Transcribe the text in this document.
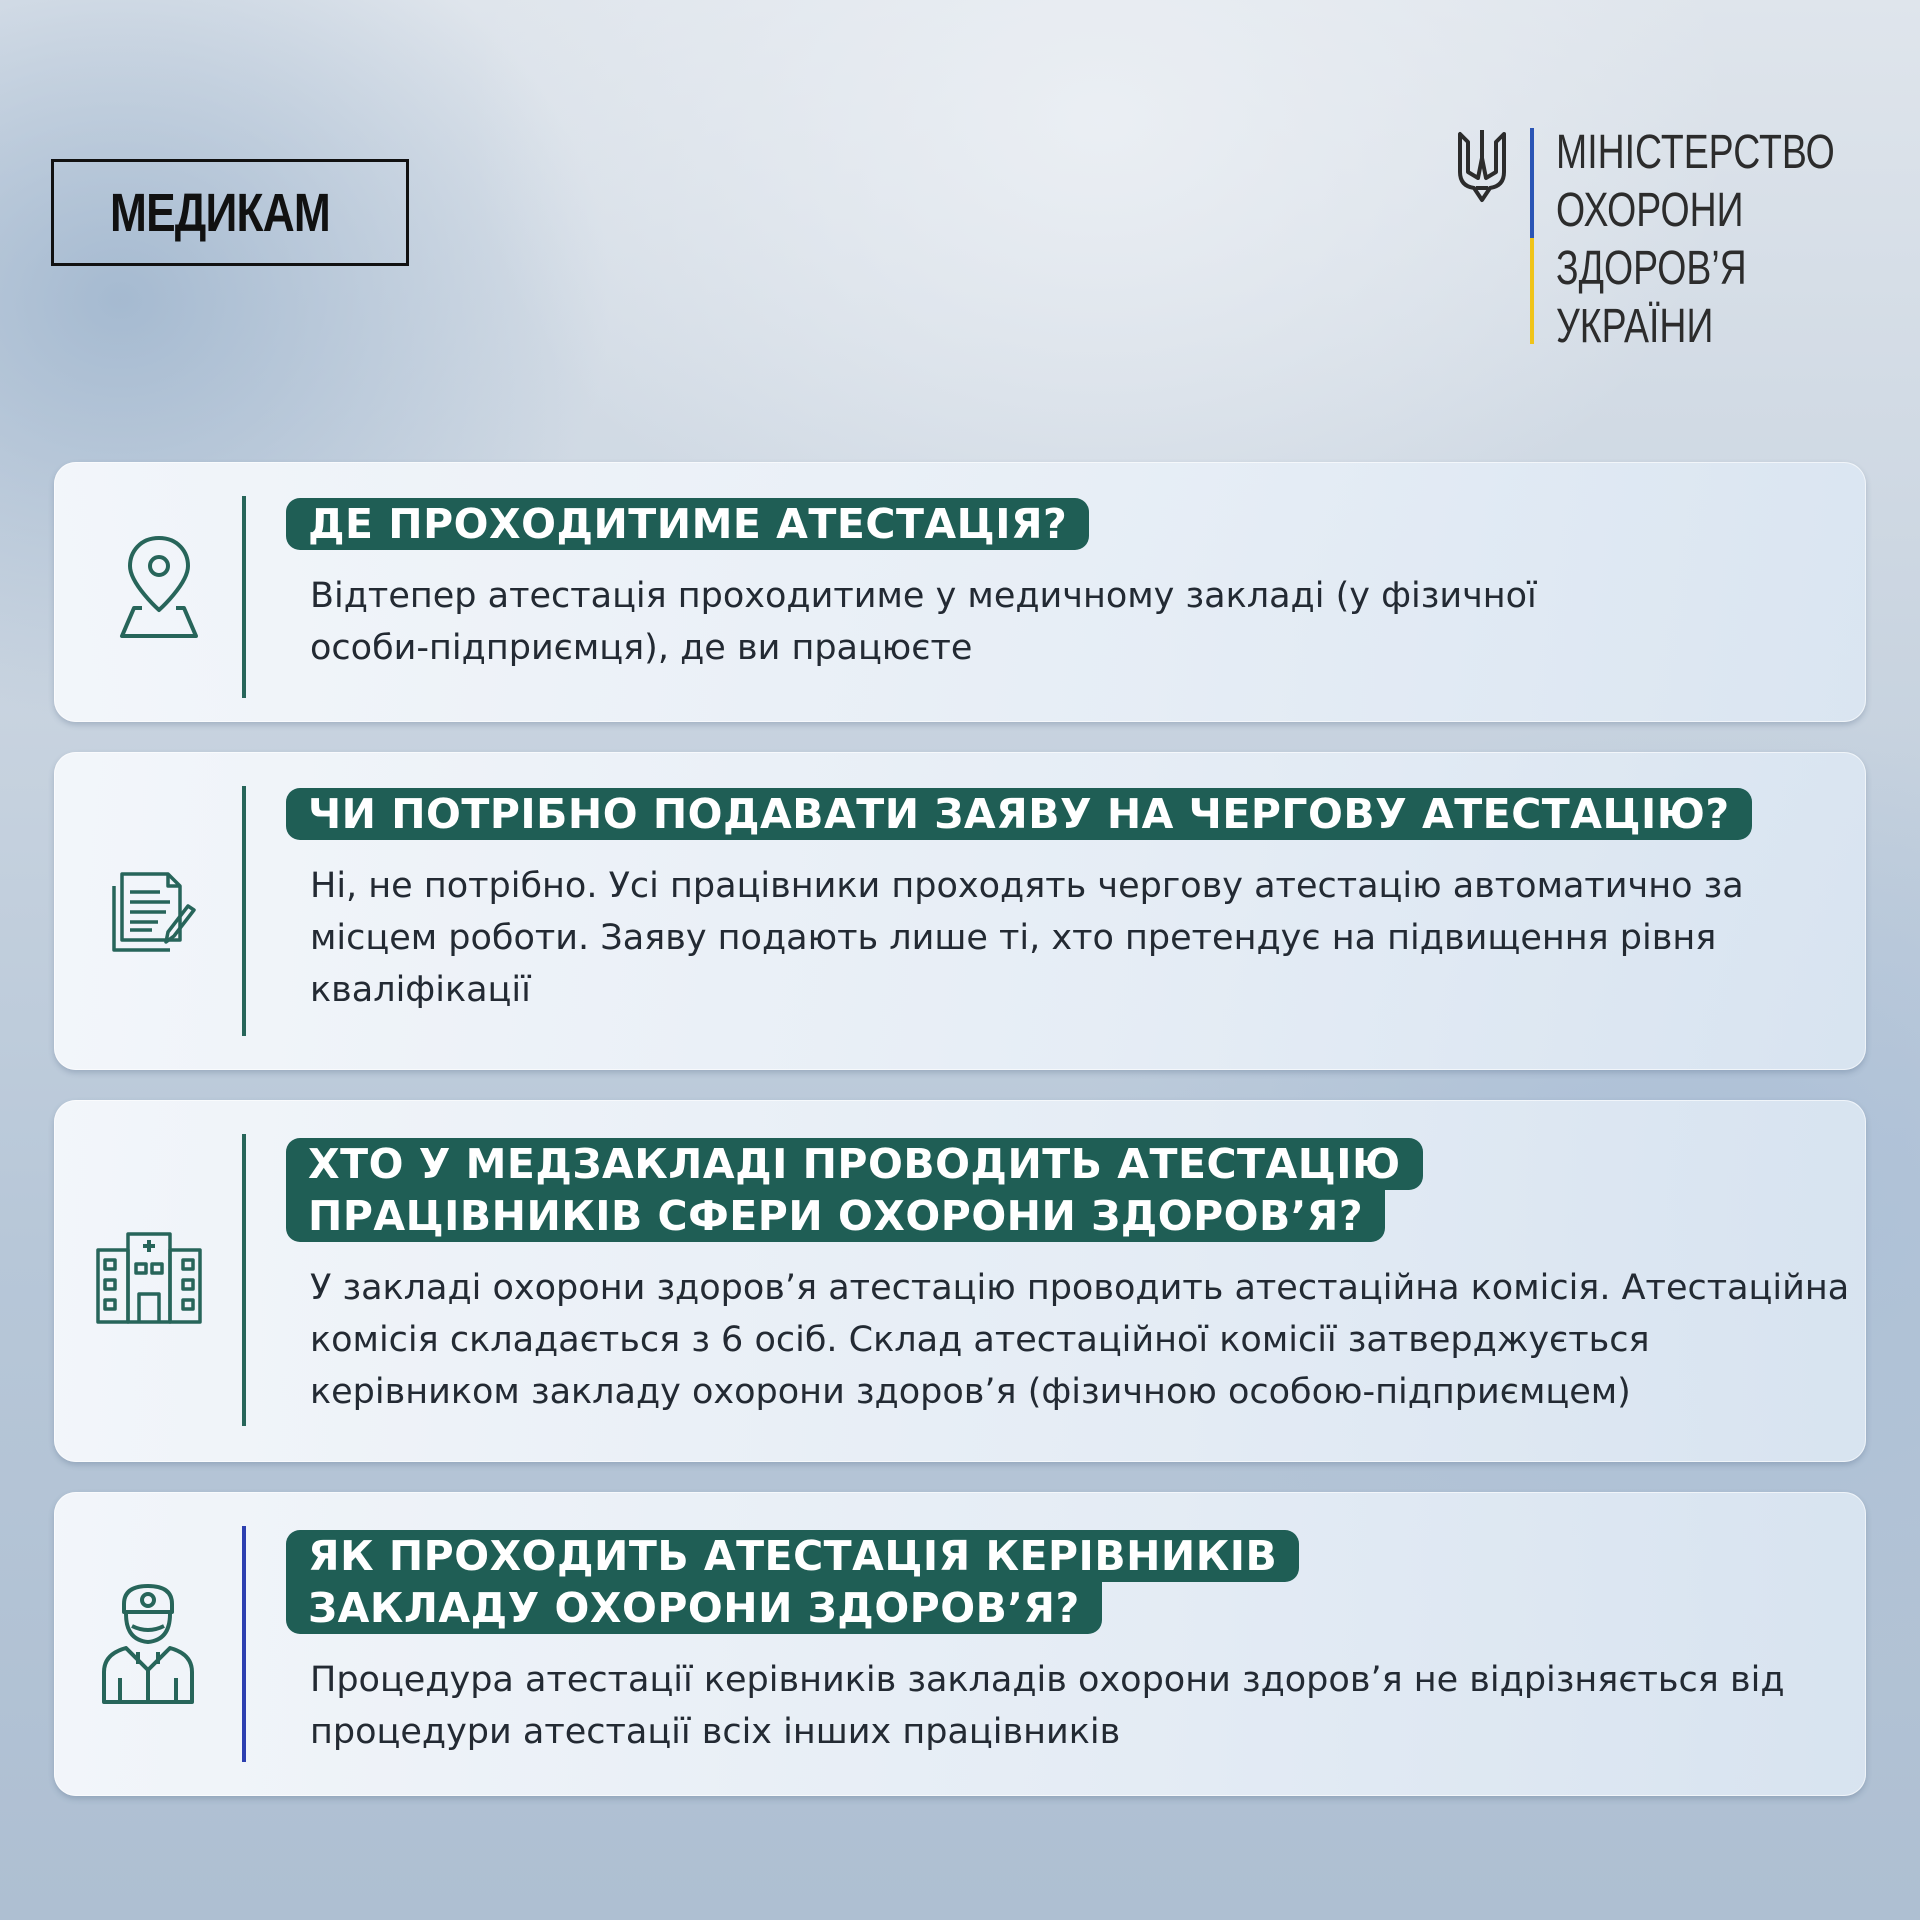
МЕДИКАМ
МІНІСТЕРСТВО
ОХОРОНИ
ЗДОРОВ’Я
УКРАЇНИ
ДЕ ПРОХОДИТИМЕ АТЕСТАЦІЯ?
Відтепер атестація проходитиме у медичному закладі (у фізичної особи-підприємця), де ви працюєте
ЧИ ПОТРІБНО ПОДАВАТИ ЗАЯВУ НА ЧЕРГОВУ АТЕСТАЦІЮ?
Ні, не потрібно. Усі працівники проходять чергову атестацію автоматично за місцем роботи. Заяву подають лише ті, хто претендує на підвищення рівня кваліфікації
ХТО У МЕДЗАКЛАДІ ПРОВОДИТЬ АТЕСТАЦІЮ
ПРАЦІВНИКІВ СФЕРИ ОХОРОНИ ЗДОРОВ’Я?
У закладі охорони здоров’я атестацію проводить атестаційна комісія. Атестаційна комісія складається з 6 осіб. Склад атестаційної комісії затверджується керівником закладу охорони здоров’я (фізичною особою-підприємцем)
ЯК ПРОХОДИТЬ АТЕСТАЦІЯ КЕРІВНИКІВ
ЗАКЛАДУ ОХОРОНИ ЗДОРОВ’Я?
Процедура атестації керівників закладів охорони здоров’я не відрізняється від процедури атестації всіх інших працівників
